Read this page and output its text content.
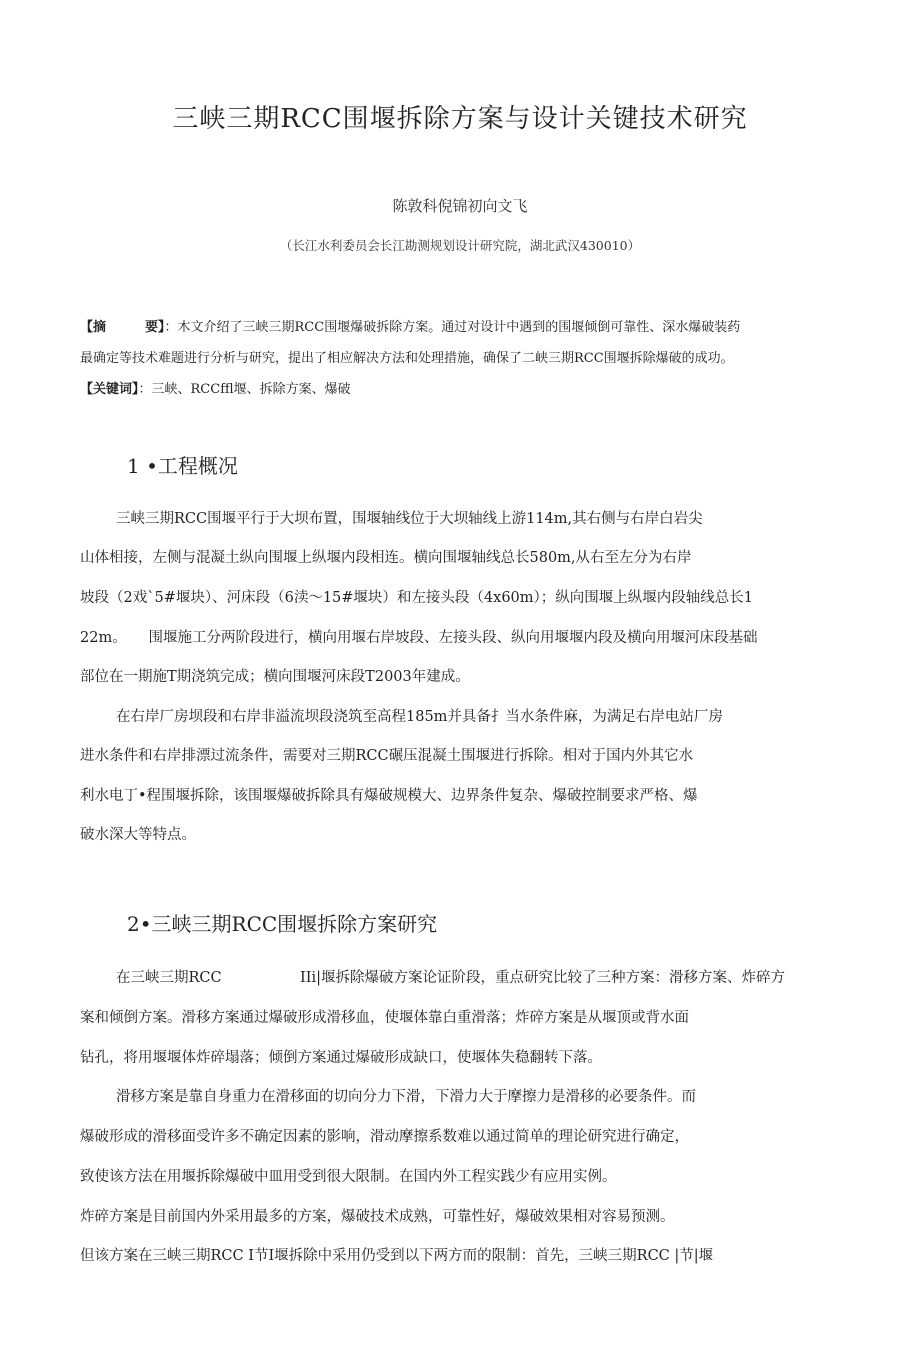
三峡三期RCC围堰拆除方案与设计关键技术研究
陈敦科倪锦初向文飞
（长江水利委员会长江勘测规划设计研究院，湖北武汉430010）
【摘　　　要】：木文介绍了三峡三期RCC围堰爆破拆除方案。通过对设计中遇到的围堰倾倒可靠性、深水爆破装药
最确定等技术难题进行分析与研究，提出了相应解决方法和处理措施，确保了二峡三期RCC围堰拆除爆破的成功。
【关键词】：三峡、RCCffl堰、拆除方案、爆破
1 •工程概况
三峡三期RCC围堰平行于大坝布置，围堰轴线位于大坝轴线上游114m,其右侧与右岸白岩尖
山体相接，左侧与混凝土纵向围堰上纵堰内段相连。横向围堰轴线总长580m,从右至左分为右岸
坡段（2戏`5#堰块）、河床段（6渎～15#堰块）和左接头段（4x60m）；纵向围堰上纵堰内段轴线总长1
22m。　　围堰施工分两阶段进行，横向用堰右岸坡段、左接头段、纵向用堰堰内段及横向用堰河床段基础
部位在一期施T期浇筑完成；横向围堰河床段T2003年建成。
在右岸厂房坝段和右岸非溢流坝段浇筑至高程185m并具备扌当水条件麻，为满足右岸电站厂房
进水条件和右岸排漂过流条件，需要对三期RCC碾压混凝土围堰进行拆除。相对于国内外其它水
利水电丁•程围堰拆除，该围堰爆破拆除具有爆破规模大、边界条件复杂、爆破控制要求严格、爆
破水深大等特点。
2•三峡三期RCC围堰拆除方案研究
在三峡三期RCC	IIi|堰拆除爆破方案论证阶段，重点研究比较了三种方案：滑移方案、炸碎方
案和倾倒方案。滑移方案通过爆破形成滑移血，使堰体靠白重滑落；炸碎方案是从堰顶或背水面
钻孔，将用堰堰体炸碎塌落；倾倒方案通过爆破形成缺口，使堰体失稳翻转下落。
滑移方案是靠自身重力在滑移面的切向分力下滑，下滑力大于摩擦力是滑移的必要条件。而
爆破形成的滑移面受许多不确定因素的影响，滑动摩擦系数难以通过简单的理论研究进行确定，
致使该方法在用堰拆除爆破中皿用受到很大限制。在国内外工程实践少有应用实例。
炸碎方案是目前国内外采用最多的方案，爆破技术成熟，可靠性好，爆破效果相对容易预测。
但该方案在三峡三期RCC I节I堰拆除中采用仍受到以下两方而的限制：首先，三峡三期RCC |节|堰
